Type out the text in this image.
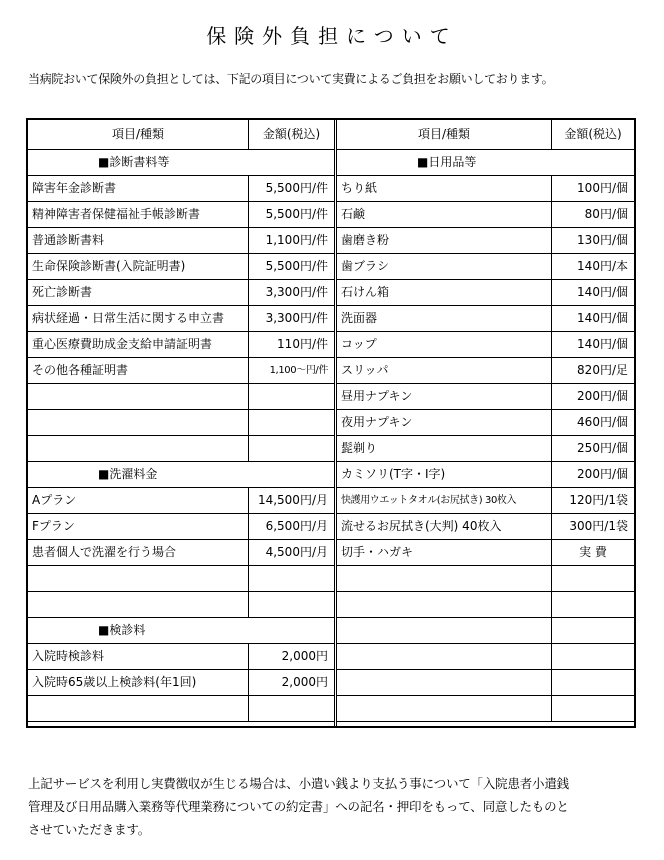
保険外負担について
当病院おいて保険外の負担としては、下記の項目について実費によるご負担をお願いしております。
項目/種類	金額(税込)
■診断書料等
障害年金診断書	5,500円/件
精神障害者保健福祉手帳診断書	5,500円/件
普通診断書料	1,100円/件
生命保険診断書(入院証明書)	5,500円/件
死亡診断書	3,300円/件
病状経過・日常生活に関する申立書	3,300円/件
重心医療費助成金支給申請証明書	110円/件
その他各種証明書	1,100～円/件
■洗濯料金
Aプラン	14,500円/月
Fプラン	6,500円/月
患者個人で洗濯を行う場合	4,500円/月
■検診料
入院時検診料	2,000円
入院時65歳以上検診料(年1回)	2,000円
項目/種類	金額(税込)
■日用品等
ちり紙	100円/個
石鹸	80円/個
歯磨き粉	130円/個
歯ブラシ	140円/本
石けん箱	140円/個
洗面器	140円/個
コップ	140円/個
スリッパ	820円/足
昼用ナプキン	200円/個
夜用ナプキン	460円/個
髭剃り	250円/個
カミソリ(T字・I字)	200円/個
快護用ウエットタオル(お尻拭き) 30枚入	120円/1袋
流せるお尻拭き(大判) 40枚入	300円/1袋
切手・ハガキ	実 費
上記サービスを利用し実費徴収が生じる場合は、小遣い銭より支払う事について「入院患者小遣銭
管理及び日用品購入業務等代理業務についての約定書」への記名・押印をもって、同意したものと
させていただきます。
